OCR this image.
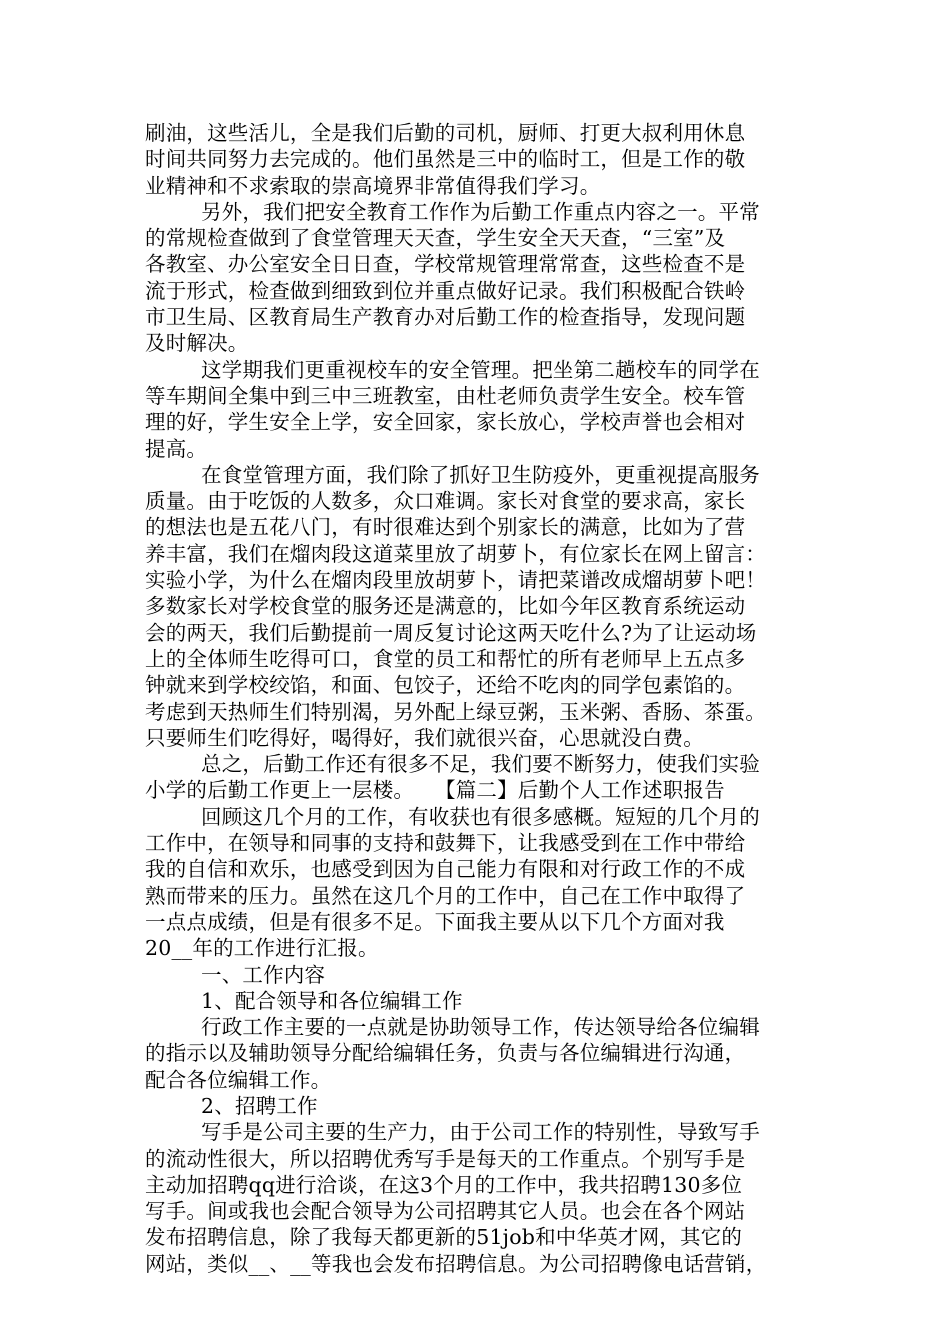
刷油，这些活儿，全是我们后勤的司机，厨师、打更大叔利用休息
时间共同努力去完成的。他们虽然是三中的临时工，但是工作的敬
业精神和不求索取的崇高境界非常值得我们学习。
另外，我们把安全教育工作作为后勤工作重点内容之一。平常
的常规检查做到了食堂管理天天查，学生安全天天查，“三室”及
各教室、办公室安全日日查，学校常规管理常常查，这些检查不是
流于形式，检查做到细致到位并重点做好记录。我们积极配合铁岭
市卫生局、区教育局生产教育办对后勤工作的检查指导，发现问题
及时解决。
这学期我们更重视校车的安全管理。把坐第二趟校车的同学在
等车期间全集中到三中三班教室，由杜老师负责学生安全。校车管
理的好，学生安全上学，安全回家，家长放心，学校声誉也会相对
提高。
在食堂管理方面，我们除了抓好卫生防疫外，更重视提高服务
质量。由于吃饭的人数多，众口难调。家长对食堂的要求高，家长
的想法也是五花八门，有时很难达到个别家长的满意，比如为了营
养丰富，我们在熘肉段这道菜里放了胡萝卜，有位家长在网上留言：
实验小学，为什么在熘肉段里放胡萝卜，请把菜谱改成熘胡萝卜吧！
多数家长对学校食堂的服务还是满意的，比如今年区教育系统运动
会的两天，我们后勤提前一周反复讨论这两天吃什么?为了让运动场
上的全体师生吃得可口，食堂的员工和帮忙的所有老师早上五点多
钟就来到学校绞馅，和面、包饺子，还给不吃肉的同学包素馅的。
考虑到天热师生们特别渴，另外配上绿豆粥，玉米粥、香肠、茶蛋。
只要师生们吃得好，喝得好，我们就很兴奋，心思就没白费。
总之，后勤工作还有很多不足，我们要不断努力，使我们实验
小学的后勤工作更上一层楼。　　【篇二】后勤个人工作述职报告
回顾这几个月的工作，有收获也有很多感概。短短的几个月的
工作中，在领导和同事的支持和鼓舞下，让我感受到在工作中带给
我的自信和欢乐，也感受到因为自己能力有限和对行政工作的不成
熟而带来的压力。虽然在这几个月的工作中，自己在工作中取得了
一点点成绩，但是有很多不足。下面我主要从以下几个方面对我
20__年的工作进行汇报。
一、工作内容
1、配合领导和各位编辑工作
行政工作主要的一点就是协助领导工作，传达领导给各位编辑
的指示以及辅助领导分配给编辑任务，负责与各位编辑进行沟通，
配合各位编辑工作。
2、招聘工作
写手是公司主要的生产力，由于公司工作的特别性，导致写手
的流动性很大，所以招聘优秀写手是每天的工作重点。个别写手是
主动加招聘qq进行洽谈，在这3个月的工作中，我共招聘130多位
写手。间或我也会配合领导为公司招聘其它人员。也会在各个网站
发布招聘信息，除了我每天都更新的51job和中华英才网，其它的
网站，类似__、__等我也会发布招聘信息。为公司招聘像电话营销，
